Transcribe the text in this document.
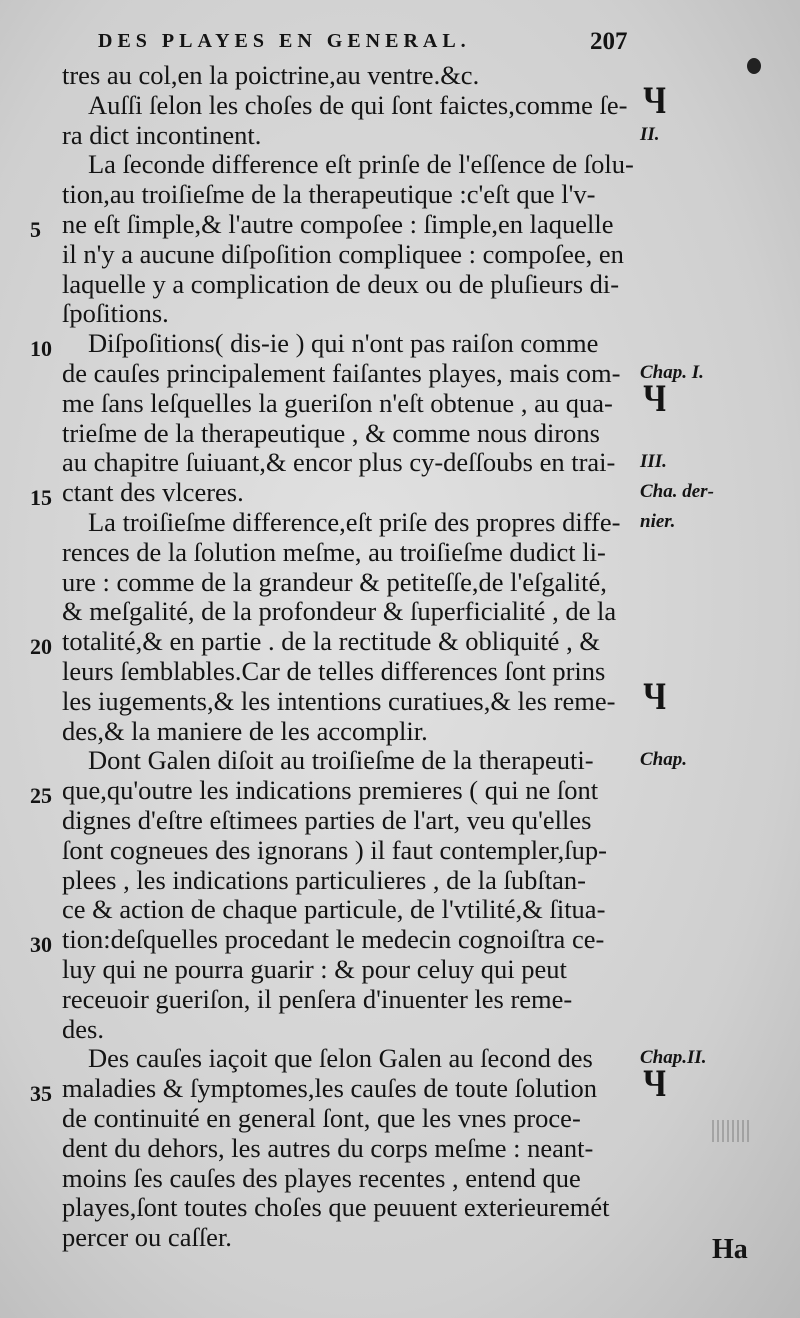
DES PLAYES EN GENERAL.	207
tres au col,en la poictrine,au ventre.&c.
Auſſi ſelon les choſes de qui ſont faictes,comme ſe-
ra dict incontinent.
La ſeconde difference eſt prinſe de l'eſſence de ſolu-
tion,au troiſieſme de la therapeutique :c'eſt que l'v-
ne eſt ſimple,& l'autre compoſee : ſimple,en laquelle
il n'y a aucune diſpoſition compliquee : compoſee, en
laquelle y a complication de deux ou de pluſieurs di-
ſpoſitions.
Diſpoſitions( dis-ie ) qui n'ont pas raiſon comme
de cauſes principalement faiſantes playes, mais com-
me ſans leſquelles la gueriſon n'eſt obtenue , au qua-
trieſme de la therapeutique , & comme nous dirons
au chapitre ſuiuant,& encor plus cy-deſſoubs en trai-
ctant des vlceres.
La troiſieſme difference,eſt priſe des propres diffe-
rences de la ſolution meſme, au troiſieſme dudict li-
ure : comme de la grandeur & petiteſſe,de l'eſgalité,
& meſgalité, de la profondeur & ſuperficialité , de la
totalité,& en partie . de la rectitude & obliquité , &
leurs ſemblables.Car de telles differences ſont prins
les iugements,& les intentions curatiues,& les reme-
des,& la maniere de les accomplir.
Dont Galen diſoit au troiſieſme de la therapeuti-
que,qu'outre les indications premieres ( qui ne ſont
dignes d'eſtre eſtimees parties de l'art, veu qu'elles
ſont cogneues des ignorans ) il faut contempler,ſup-
plees , les indications particulieres , de la ſubſtan-
ce & action de chaque particule, de l'vtilité,& ſitua-
tion:deſquelles procedant le medecin cognoiſtra ce-
luy qui ne pourra guarir : & pour celuy qui peut
receuoir gueriſon, il penſera d'inuenter les reme-
des.
Des cauſes iaçoit que ſelon Galen au ſecond des
maladies & ſymptomes,les cauſes de toute ſolution
de continuité en general ſont, que les vnes proce-
dent du dehors, les autres du corps meſme : neant-
moins ſes cauſes des playes recentes , entend que
playes,ſont toutes choſes que peuuent exterieuremét
percer ou caſſer.
5
10
15
20
25
30
35
Ⴗ
II.
Chap. I.
Ⴗ
III.
Cha. der-
nier.
Ⴗ
Chap.
Chap.II.
Ⴗ
Ha
